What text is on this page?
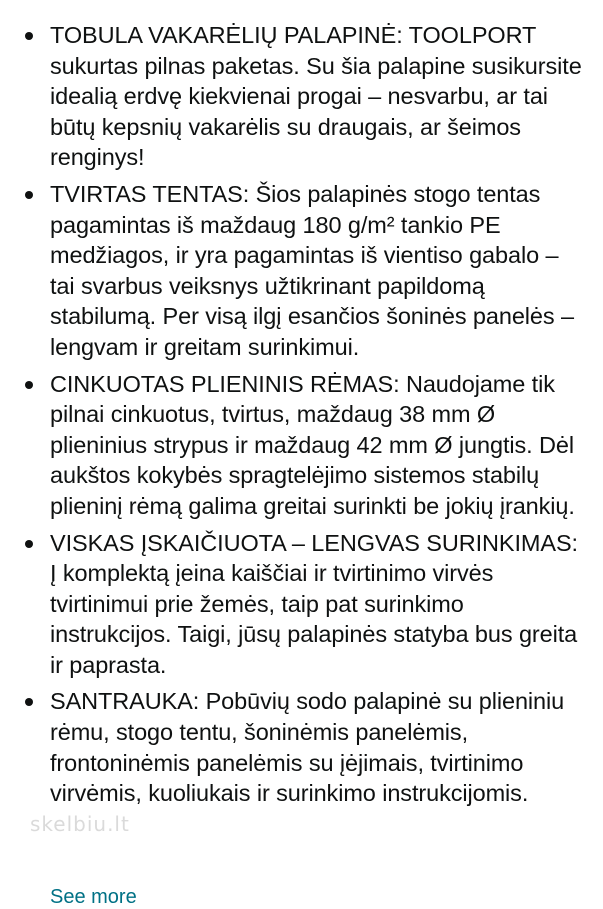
TOBULA VAKARĖLIŲ PALAPINĖ: TOOLPORT sukurtas pilnas paketas. Su šia palapine susikursite idealią erdvę kiekvienai progai – nesvarbu, ar tai būtų kepsnių vakarėlis su draugais, ar šeimos renginys!
TVIRTAS TENTAS: Šios palapinės stogo tentas pagamintas iš maždaug 180 g/m² tankio PE medžiagos, ir yra pagamintas iš vientiso gabalo – tai svarbus veiksnys užtikrinant papildomą stabilumą. Per visą ilgį esančios šoninės panelės – lengvam ir greitam surinkimui.
CINKUOTAS PLIENINIS RĖMAS: Naudojame tik pilnai cinkuotus, tvirtus, maždaug 38 mm Ø plieninius strypus ir maždaug 42 mm Ø jungtis. Dėl aukštos kokybės spragtelėjimo sistemos stabilų plieninį rėmą galima greitai surinkti be jokių įrankių.
VISKAS ĮSKAIČIUOTA – LENGVAS SURINKIMAS: Į komplektą įeina kaiščiai ir tvirtinimo virvės tvirtinimui prie žemės, taip pat surinkimo instrukcijos. Taigi, jūsų palapinės statyba bus greita ir paprasta.
SANTRAUKA: Pobūvių sodo palapinė su plieniniu rėmu, stogo tentu, šoninėmis panelėmis, frontoninėmis panelėmis su įėjimais, tvirtinimo virvėmis, kuoliukais ir surinkimo instrukcijomis.
skelbiu.lt
See more
